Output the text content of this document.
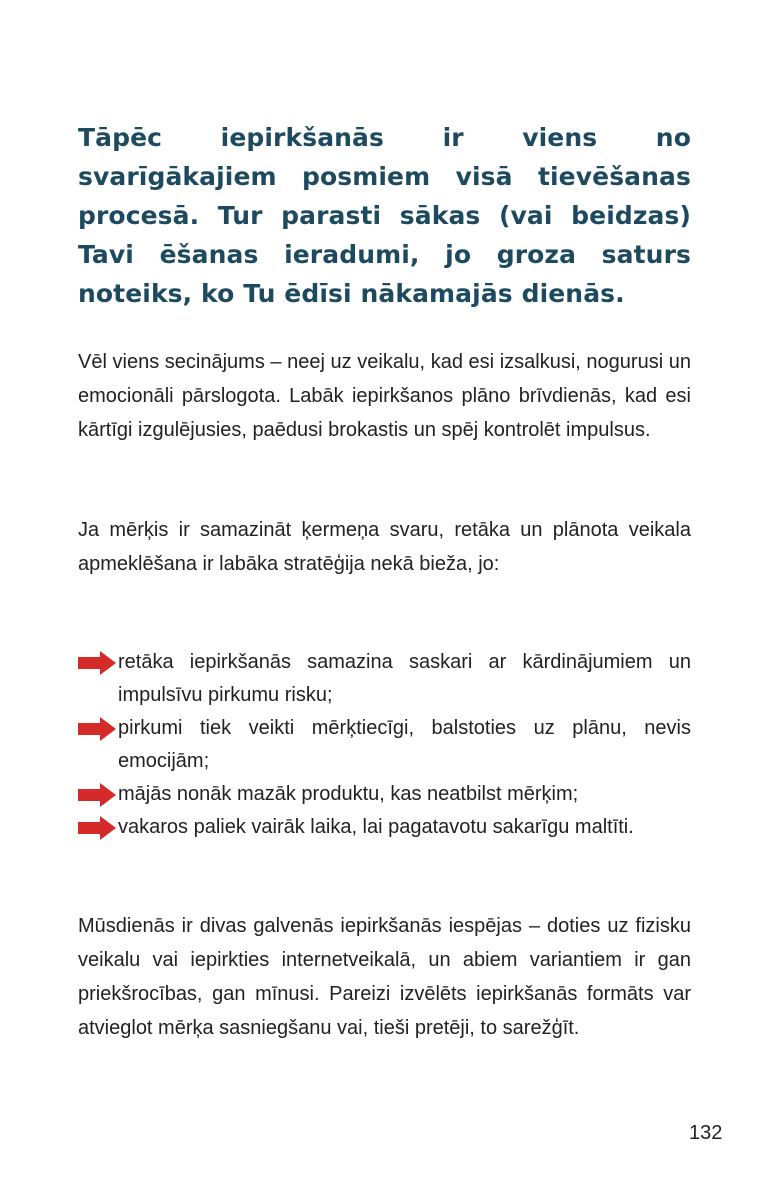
Tāpēc iepirkšanās ir viens no svarīgākajiem posmiem visā tievēšanas procesā. Tur parasti sākas (vai beidzas) Tavi ēšanas ieradumi, jo groza saturs noteiks, ko Tu ēdīsi nākamajās dienās.

Vēl viens secinājums – neej uz veikalu, kad esi izsalkusi, nogurusi un emocionāli pārslogota. Labāk iepirkšanos plāno brīvdienās, kad esi kārtīgi izgulējusies, paēdusi brokastis un spēj kontrolēt impulsus.

Ja mērķis ir samazināt ķermeņa svaru, retāka un plānota veikala apmeklēšana ir labāka stratēģija nekā bieža, jo:

retāka iepirkšanās samazina saskari ar kārdinājumiem un impulsīvu pirkumu risku;
pirkumi tiek veikti mērķtiecīgi, balstoties uz plānu, nevis emocijām;
mājās nonāk mazāk produktu, kas neatbilst mērķim;
vakaros paliek vairāk laika, lai pagatavotu sakarīgu maltīti.

Mūsdienās ir divas galvenās iepirkšanās iespējas – doties uz fizisku veikalu vai iepirkties internetveikalā, un abiem variantiem ir gan priekšrocības, gan mīnusi. Pareizi izvēlēts iepirkšanās formāts var atvieglot mērķa sasniegšanu vai, tieši pretēji, to sarežģīt.

132
